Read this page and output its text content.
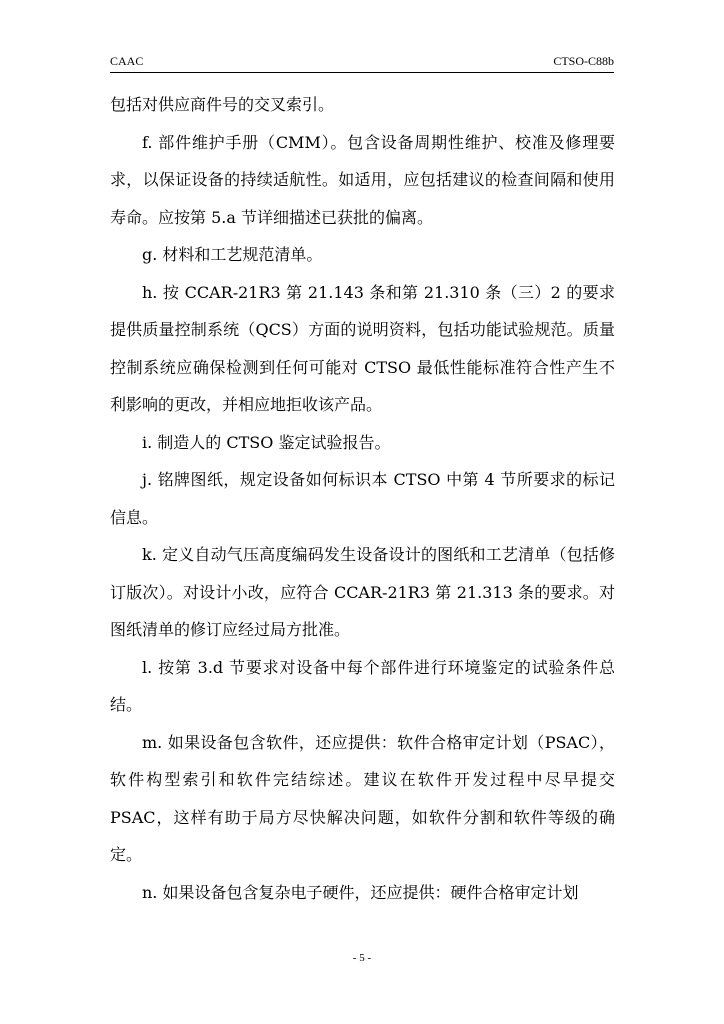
CAAC	CTSO-C88b

包括对供应商件号的交叉索引。

f. 部件维护手册（CMM）。包含设备周期性维护、校准及修理要求，以保证设备的持续适航性。如适用，应包括建议的检查间隔和使用寿命。应按第 5.a 节详细描述已获批的偏离。

g. 材料和工艺规范清单。

h. 按 CCAR-21R3 第 21.143 条和第 21.310 条（三）2 的要求提供质量控制系统（QCS）方面的说明资料，包括功能试验规范。质量控制系统应确保检测到任何可能对 CTSO 最低性能标准符合性产生不利影响的更改，并相应地拒收该产品。

i. 制造人的 CTSO 鉴定试验报告。

j. 铭牌图纸，规定设备如何标识本 CTSO 中第 4 节所要求的标记信息。

k. 定义自动气压高度编码发生设备设计的图纸和工艺清单（包括修订版次）。对设计小改，应符合 CCAR-21R3 第 21.313 条的要求。对图纸清单的修订应经过局方批准。

l. 按第 3.d 节要求对设备中每个部件进行环境鉴定的试验条件总结。

m. 如果设备包含软件，还应提供：软件合格审定计划（PSAC），软件构型索引和软件完结综述。建议在软件开发过程中尽早提交 PSAC，这样有助于局方尽快解决问题，如软件分割和软件等级的确定。

n. 如果设备包含复杂电子硬件，还应提供：硬件合格审定计划

- 5 -
